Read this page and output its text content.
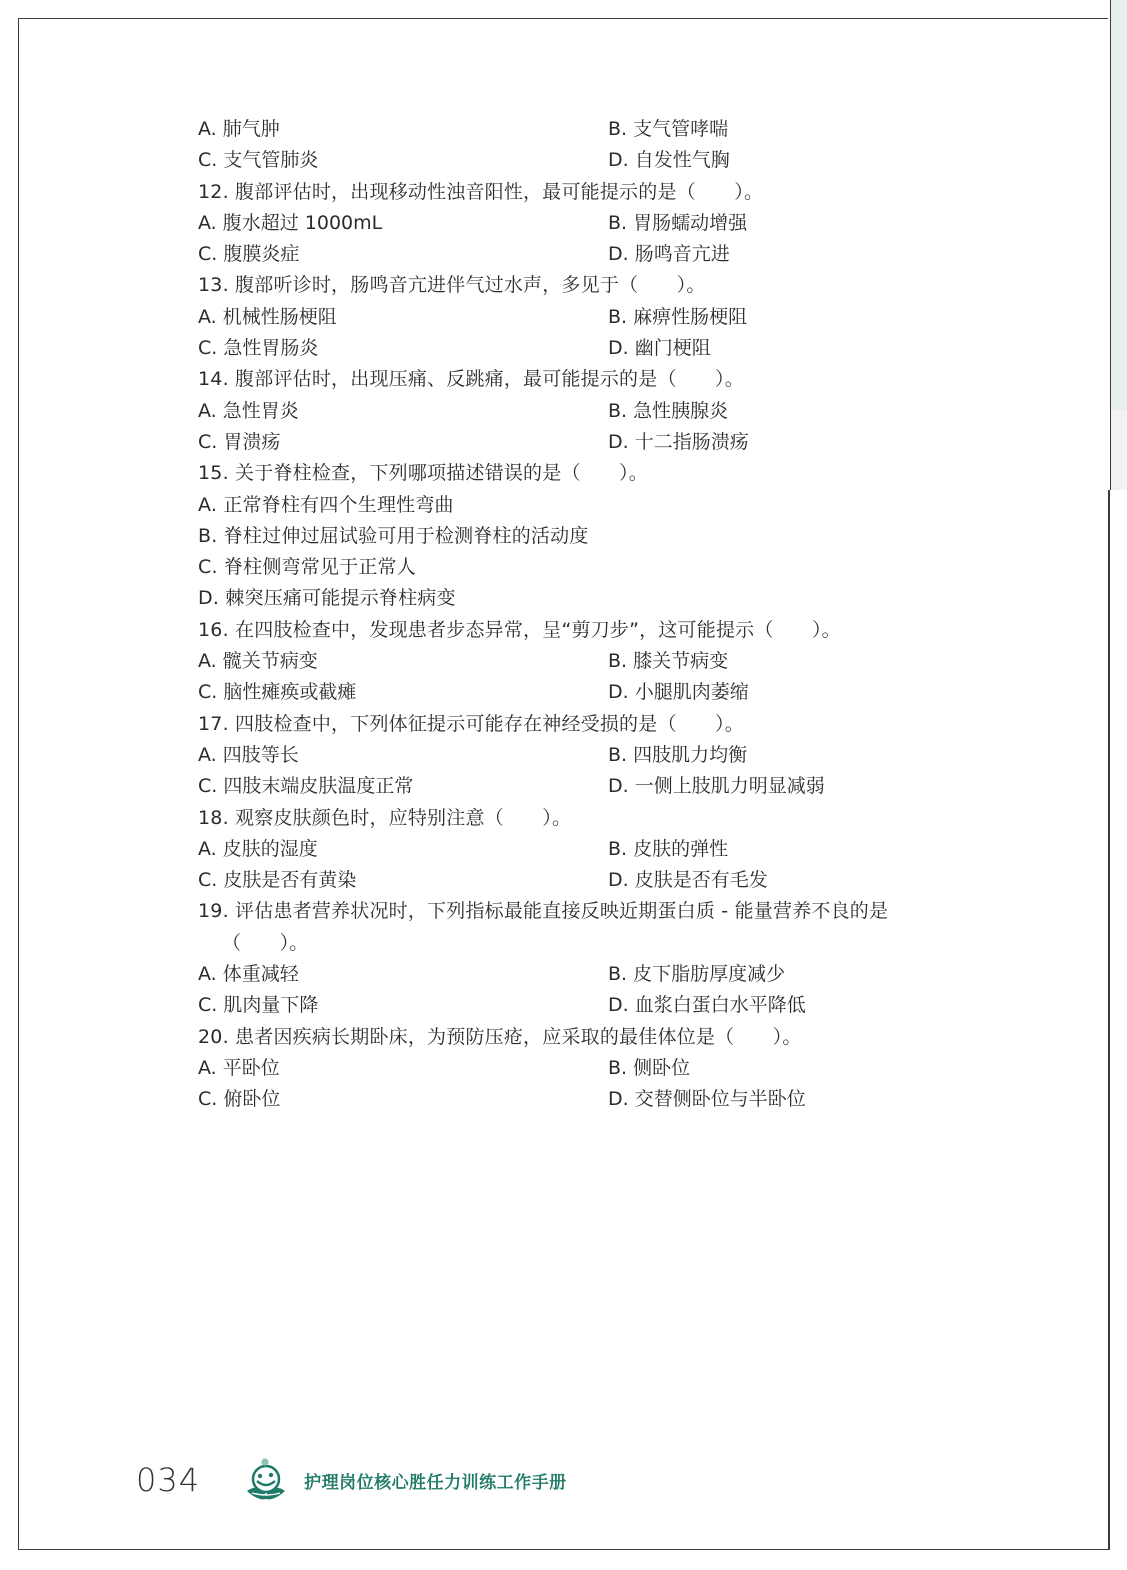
A. 肺气肿	B. 支气管哮喘
C. 支气管肺炎	D. 自发性气胸
12. 腹部评估时，出现移动性浊音阳性，最可能提示的是（　　）。
A. 腹水超过 1000mL	B. 胃肠蠕动增强
C. 腹膜炎症	D. 肠鸣音亢进
13. 腹部听诊时，肠鸣音亢进伴气过水声，多见于（　　）。
A. 机械性肠梗阻	B. 麻痹性肠梗阻
C. 急性胃肠炎	D. 幽门梗阻
14. 腹部评估时，出现压痛、反跳痛，最可能提示的是（　　）。
A. 急性胃炎	B. 急性胰腺炎
C. 胃溃疡	D. 十二指肠溃疡
15. 关于脊柱检查，下列哪项描述错误的是（　　）。
A. 正常脊柱有四个生理性弯曲
B. 脊柱过伸过屈试验可用于检测脊柱的活动度
C. 脊柱侧弯常见于正常人
D. 棘突压痛可能提示脊柱病变
16. 在四肢检查中，发现患者步态异常，呈“剪刀步”，这可能提示（　　）。
A. 髋关节病变	B. 膝关节病变
C. 脑性瘫痪或截瘫	D. 小腿肌肉萎缩
17. 四肢检查中，下列体征提示可能存在神经受损的是（　　）。
A. 四肢等长	B. 四肢肌力均衡
C. 四肢末端皮肤温度正常	D. 一侧上肢肌力明显减弱
18. 观察皮肤颜色时，应特别注意（　　）。
A. 皮肤的湿度	B. 皮肤的弹性
C. 皮肤是否有黄染	D. 皮肤是否有毛发
19. 评估患者营养状况时，下列指标最能直接反映近期蛋白质 - 能量营养不良的是
（　　）。
A. 体重减轻	B. 皮下脂肪厚度减少
C. 肌肉量下降	D. 血浆白蛋白水平降低
20. 患者因疾病长期卧床，为预防压疮，应采取的最佳体位是（　　）。
A. 平卧位	B. 侧卧位
C. 俯卧位	D. 交替侧卧位与半卧位
034	护理岗位核心胜任力训练工作手册
